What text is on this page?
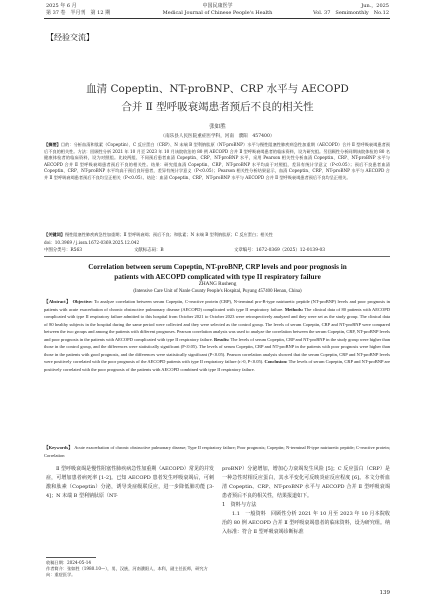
2025 年 6 月	中国民康医学	Jun.，2025
第 37 卷　半月刊　第 12 期	Medical Journal of Chinese People's Health	Vol. 37　Semimonthly　No.12
【经验交流】
血清 Copeptin、NT-proBNP、CRP 水平与 AECOPD
合并 Ⅱ 型呼吸衰竭患者预后不良的相关性
张如胜
（南乐县人民医院重症医学科，河南　濮阳　457400）
【摘要】目的：分析血清和肽素（Copeptin）、C 反应蛋白（CRP）、N 末端 B 型利钠肽原（NT-proBNP）水平与慢性阻塞性肺疾病急性加重期（AECOPD）合并 Ⅱ 型呼吸衰竭患者预后不良的相关性。方法：回顾性分析 2021 年 10 月至 2023 年 10 月该院收治的 80 例 AECOPD 合并 Ⅱ 型呼吸衰竭患者的临床资料，设为研究组。另回顾性分析同期该院体检的 80 名健康体检者的临床资料，设为对照组。比较两组、不同预后患者血清 Copeptin、CRP、NT-proBNP 水平，采用 Pearson 相关性分析血清 Copeptin、CRP、NT-proBNP 水平与 AECOPD 合并 Ⅱ 型呼吸衰竭患者预后不良的相关性。结果：研究组血清 Copeptin、CRP、NT-proBNP 水平均高于对照组，差异有统计学意义（P<0.05）；预后不良患者血清 Copeptin、CRP、NT-proBNP 水平均高于预后良好患者，差异有统计学意义（P<0.05）；Pearson 相关性分析结果显示，血清 Copeptin、CRP、NT-proBNP 水平与 AECOPD 合并 Ⅱ 型呼吸衰竭患者预后不良均呈正相关（P<0.05）。结论：血清 Copeptin、CRP、NT-proBNP 水平与 AECOPD 合并 Ⅱ 型呼吸衰竭患者预后不良均呈正相关。
【关键词】慢性阻塞性肺疾病急性加重期；Ⅱ 型呼吸衰竭；预后不良；和肽素；N 末端 B 型利钠肽原；C 反应蛋白；相关性
doi：10.3969 / j.issn.1672-0369.2025.12.042
中图分类号：R563	文献标志码：B	文章编号：1672-0369（2025）12-0139-03
Correlation between serum Copeptin, NT-proBNP, CRP levels and poor prognosis in
patients with AECOPD complicated with type II respiratory failure
ZHANG Rusheng
(Intensive Care Unit of Nanle County People's Hospital, Puyang 457400 Henan, China)
【Abstract】 Objective: To analyze correlation between serum Copeptin, C-reactive protein (CRP), N-terminal pro-B-type natriuretic peptide (NT-proBNP) levels and poor prognosis in patients with acute exacerbation of chronic obstructive pulmonary disease (AECOPD) complicated with type II respiratory failure. Methods: The clinical data of 80 patients with AECOPD complicated with type II respiratory failure admitted to this hospital from October 2021 to October 2023 were retrospectively analyzed and they were set as the study group. The clinical data of 80 healthy subjects in the hospital during the same period were collected and they were selected as the control group. The levels of serum Copeptin, CRP and NT-proBNP were compared between the two groups and among the patients with different prognoses. Pearson correlation analysis was used to analyze the correlation between the serum Copeptin, CRP, NT-proBNP levels and poor prognosis in the patients with AECOPD complicated with type II respiratory failure. Results: The levels of serum Copeptin, CRP and NT-proBNP in the study group were higher than those in the control group, and the differences were statistically significant (P<0.05). The levels of serum Copeptin, CRP and NT-proBNP in the patients with poor prognosis were higher than those in the patients with good prognosis, and the differences were statistically significant (P<0.05). Pearson correlation analysis showed that the serum Copeptin, CRP and NT-proBNP levels were positively correlated with the poor prognosis of the AECOPD patients with type II respiratory failure (r>0, P<0.05). Conclusion: The levels of serum Copeptin, CRP and NT-proBNP are positively correlated with the poor prognosis of the patients with AECOPD combined with type II respiratory failure.
【Keywords】 Acute exacerbation of chronic obstructive pulmonary disease; Type II respiratory failure; Poor prognosis; Copeptin; N-terminal B-type natriuretic peptide; C-reactive protein; Correlation

Ⅱ 型呼吸衰竭是慢性阻塞性肺疾病急性加重期（AECOPD）常见的并发症，可增加患者病死率 [1-2]。已知 AECOPD 患者发生呼吸衰竭后，可刺激和肽素（Copeptin）分泌，诱导炎症级联反应，进一步降低肺功能 [3-4]；N 末端 B 型利钠肽原（NT-

proBNP）分泌增加，增加心力衰竭发生风险 [5]；C 反应蛋白（CRP）是一种急性时相反应蛋白，其水平变化可反映炎症反应程度 [6]。本文分析血清 Copeptin、CRP、NT-proBNP 水平与 AECOPD 合并 Ⅱ 型呼吸衰竭患者预后不良的相关性，结果报道如下。

1　资料与方法

1.1　一般资料　 回顾性分析 2021 年 10 月至 2023 年 10 月本院收治的 80 例 AECOPD 合并 Ⅱ 型呼吸衰竭患者的临床资料，设为研究组。纳入标准：符合 Ⅱ 型呼吸衰竭诊断标准

收稿日期：2024-05-14
作者简介：张如胜（1980.10—），男，汉族，河南濮阳人，本科，副主任医师，研究方向：重症医学。
139
